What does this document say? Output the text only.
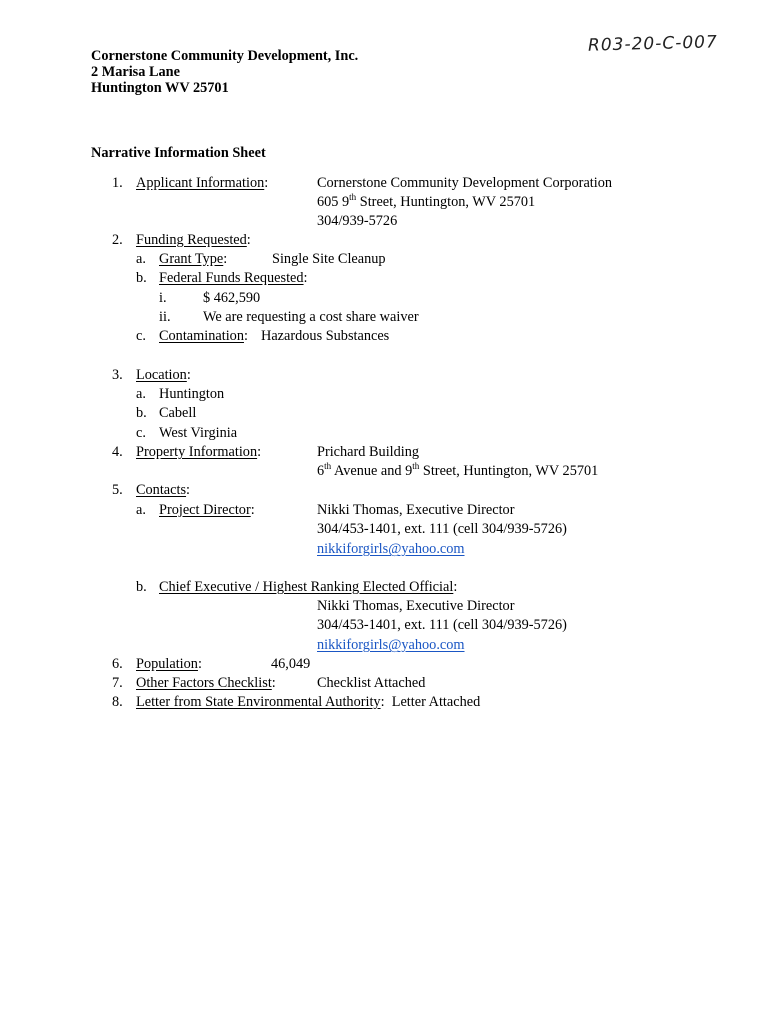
R03-20-C-007
Cornerstone Community Development, Inc.
2 Marisa Lane
Huntington WV 25701
Narrative Information Sheet
1. Applicant Information:	Cornerstone Community Development Corporation
605 9th Street, Huntington, WV 25701
304/939-5726
2. Funding Requested:
a. Grant Type:	Single Site Cleanup
b. Federal Funds Requested:
i.	$ 462,590
ii. We are requesting a cost share waiver
c. Contamination: Hazardous Substances
3. Location:
a. Huntington
b. Cabell
c. West Virginia
4. Property Information:	Prichard Building
6th Avenue and 9th Street, Huntington, WV 25701
5. Contacts:
a. Project Director:	Nikki Thomas, Executive Director
304/453-1401, ext. 111 (cell 304/939-5726)
nikkiforgirls@yahoo.com
b. Chief Executive / Highest Ranking Elected Official:
Nikki Thomas, Executive Director
304/453-1401, ext. 111 (cell 304/939-5726)
nikkiforgirls@yahoo.com
6. Population:	46,049
7. Other Factors Checklist:	Checklist Attached
8. Letter from State Environmental Authority: Letter Attached
